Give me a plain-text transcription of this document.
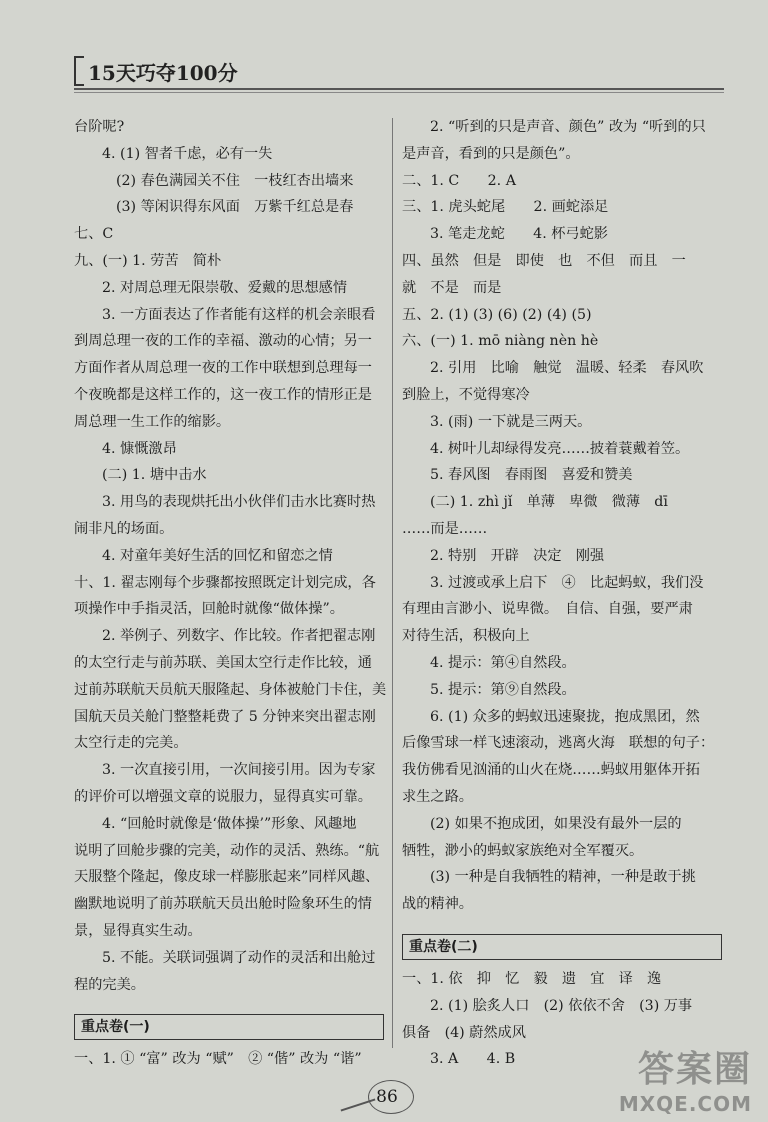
15天巧夺100分
台阶呢?
4. (1) 智者千虑，必有一失
(2) 春色满园关不住　一枝红杏出墙来
(3) 等闲识得东风面　万紫千红总是春
七、C
九、(一) 1. 劳苦　简朴
2. 对周总理无限崇敬、爱戴的思想感情
3. 一方面表达了作者能有这样的机会亲眼看
到周总理一夜的工作的幸福、激动的心情；另一
方面作者从周总理一夜的工作中联想到总理每一
个夜晚都是这样工作的，这一夜工作的情形正是
周总理一生工作的缩影。
4. 慷慨激昂
(二) 1. 塘中击水
3. 用鸟的表现烘托出小伙伴们击水比赛时热
闹非凡的场面。
4. 对童年美好生活的回忆和留恋之情
十、1. 翟志刚每个步骤都按照既定计划完成，各
项操作中手指灵活，回舱时就像“做体操”。
2. 举例子、列数字、作比较。作者把翟志刚
的太空行走与前苏联、美国太空行走作比较，通
过前苏联航天员航天服隆起、身体被舱门卡住，美
国航天员关舱门整整耗费了 5 分钟来突出翟志刚
太空行走的完美。
3. 一次直接引用，一次间接引用。因为专家
的评价可以增强文章的说服力，显得真实可靠。
4. “回舱时就像是‘做体操’”形象、风趣地
说明了回舱步骤的完美，动作的灵活、熟练。“航
天服整个隆起，像皮球一样膨胀起来”同样风趣、
幽默地说明了前苏联航天员出舱时险象环生的情
景，显得真实生动。
5. 不能。关联词强调了动作的灵活和出舱过
程的完美。
重点卷(一)
一、1. ① “富” 改为 “赋”　② “偕” 改为 “谐”
2. “听到的只是声音、颜色” 改为 “听到的只
是声音，看到的只是颜色”。
二、1. C　　2. A
三、1. 虎头蛇尾　　2. 画蛇添足
3. 笔走龙蛇　　4. 杯弓蛇影
四、虽然　但是　即使　也　不但　而且　一
就　不是　而是
五、2. (1) (3) (6) (2) (4) (5)
六、(一) 1. mō niàng nèn hè
2. 引用　比喻　触觉　温暖、轻柔　春风吹
到脸上，不觉得寒冷
3. (雨) 一下就是三两天。
4. 树叶儿却绿得发亮……披着蓑戴着笠。
5. 春风图　春雨图　喜爱和赞美
(二) 1. zhì jǐ　单薄　卑微　微薄　dī
……而是……
2. 特别　开辟　决定　刚强
3. 过渡或承上启下　④　比起蚂蚁，我们没
有理由言渺小、说卑微。　自信、自强，要严肃
对待生活，积极向上
4. 提示：第④自然段。
5. 提示：第⑨自然段。
6. (1) 众多的蚂蚁迅速聚拢，抱成黑团，然
后像雪球一样飞速滚动，逃离火海　联想的句子：
我仿佛看见汹涌的山火在烧……蚂蚁用躯体开拓
求生之路。
(2) 如果不抱成团，如果没有最外一层的
牺牲，渺小的蚂蚁家族绝对全军覆灭。
(3) 一种是自我牺牲的精神，一种是敢于挑
战的精神。
重点卷(二)
一、1. 依　抑　忆　毅　遗　宜　译　逸
2. (1) 脍炙人口　(2) 依依不舍　(3) 万事
俱备　(4) 蔚然成风
3. A　　4. B
86
答案圈
MXQE.COM
